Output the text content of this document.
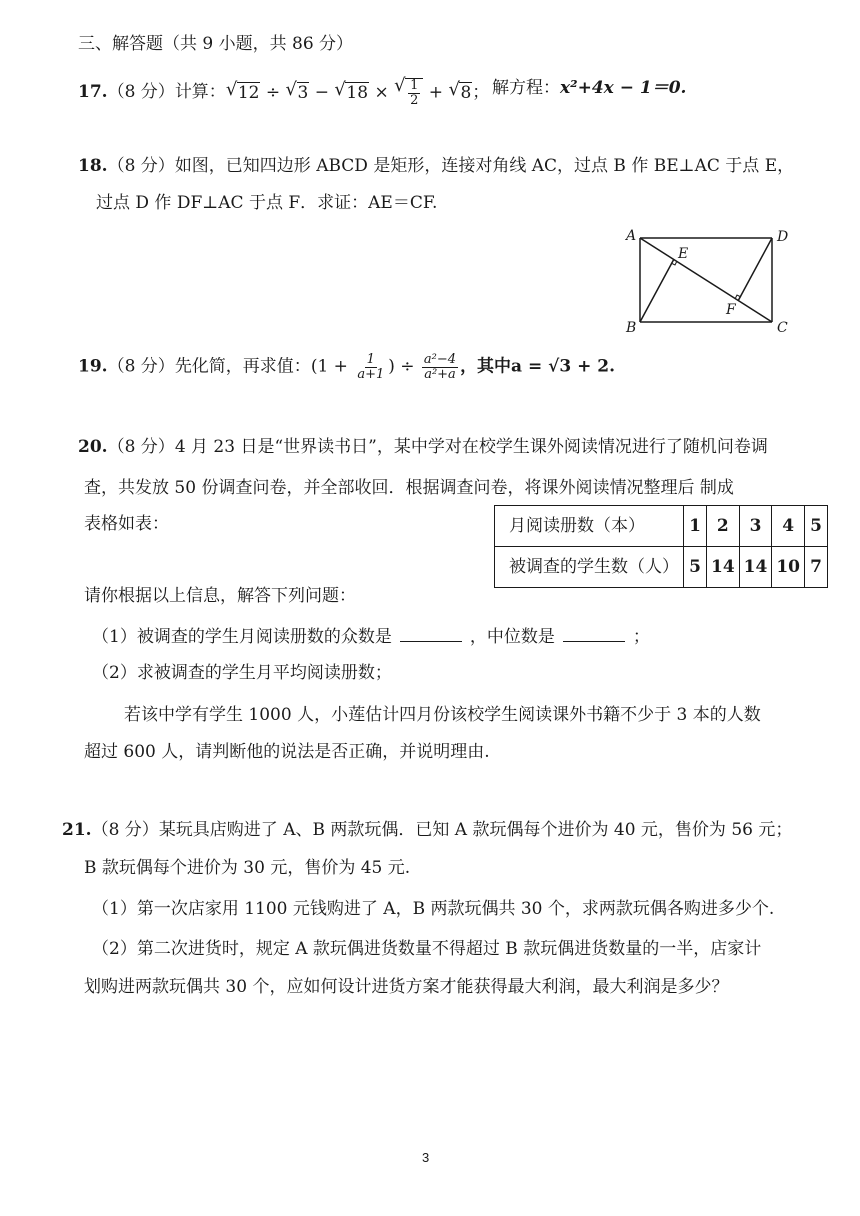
三、解答题（共 9 小题，共 86 分）
17.（8 分）计算： √ 12 ÷ √ 3 − √ 18 × √ $\frac{1}{2}$ + √ 8； 解方程：x²+4x − 1＝0.
18.（8 分）如图，已知四边形 ABCD 是矩形，连接对角线 AC，过点 B 作 BE⊥AC 于点 E，
过点 D 作 DF⊥AC 于点 F．求证：AE＝CF.
A	D
B	C
E
F
19.（8 分）先化简，再求值：($1 + \frac{1}{a+1}$ ) ÷ $\frac{\text{a²−4}}{\text{a²+a}}$ ，其中a = √3 + 2.
20.（8 分）4 月 23 日是“世界读书日”，某中学对在校学生课外阅读情况进行了随机问卷调
查，共发放 50 份调查问卷，并全部收回．根据调查问卷，将课外阅读情况整理后 制成
表格如表：	月阅读册数（本）	1	2	3	4	5
被调查的学生数（人）	5	14	14	10	7
请你根据以上信息，解答下列问题：
（1）被调查的学生月阅读册数的众数是	，中位数是	；
（2）求被调查的学生月平均阅读册数；
若该中学有学生 1000 人，小莲估计四月份该校学生阅读课外书籍不少于 3 本的人数
超过 600 人，请判断他的说法是否正确，并说明理由.
21.（8 分）某玩具店购进了 A、B 两款玩偶．已知 A 款玩偶每个进价为 40 元，售价为 56 元；
B 款玩偶每个进价为 30 元，售价为 45 元.
（1）第一次店家用 1100 元钱购进了 A，B 两款玩偶共 30 个，求两款玩偶各购进多少个.
（2）第二次进货时，规定 A 款玩偶进货数量不得超过 B 款玩偶进货数量的一半，店家计
划购进两款玩偶共 30 个，应如何设计进货方案才能获得最大利润，最大利润是多少？
3
